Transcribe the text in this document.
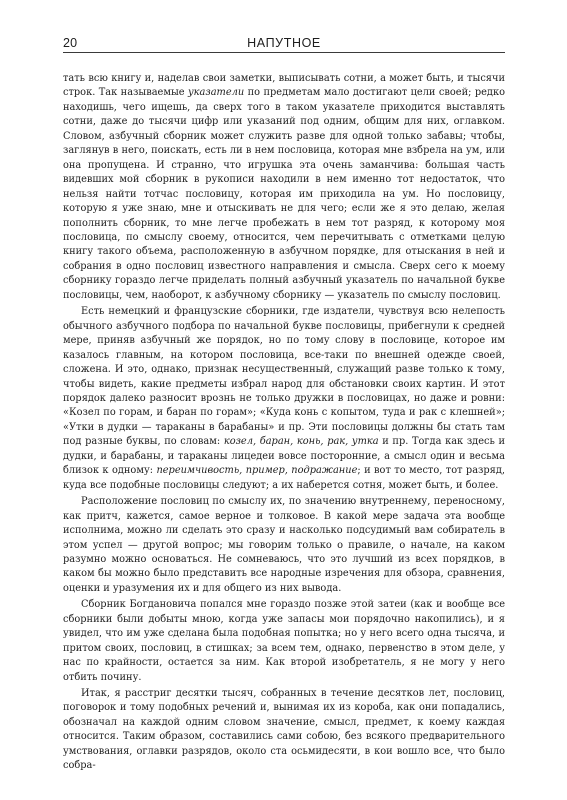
20	НАПУТНОЕ

тать всю книгу и, наделав свои заметки, выписывать сотни, а может быть, и тысячи строк. Так называемые указатели по предметам мало достигают цели своей; редко находишь, чего ищешь, да сверх того в таком указателе приходится выставлять сотни, даже до тысячи цифр или указаний под одним, общим для них, оглавком. Словом, азбучный сборник может служить разве для одной только забавы; чтобы, заглянув в него, поискать, есть ли в нем пословица, которая мне взбрела на ум, или она пропущена. И странно, что игрушка эта очень заманчива: большая часть видевших мой сборник в рукописи находили в нем именно тот недостаток, что нельзя найти тотчас пословицу, которая им приходила на ум. Но пословицу, которую я уже знаю, мне и отыскивать не для чего; если же я это делаю, желая пополнить сборник, то мне легче пробежать в нем тот разряд, к которому моя пословица, по смыслу своему, относится, чем перечитывать с отметками целую книгу такого объема, расположенную в азбучном порядке, для отыскания в ней и собрания в одно пословиц известного направления и смысла. Сверх сего к моему сборнику гораздо легче приделать полный азбучный указатель по начальной букве пословицы, чем, наоборот, к азбучному сборнику — указатель по смыслу пословиц.

Есть немецкий и французские сборники, где издатели, чувствуя всю нелепость обычного азбучного подбора по начальной букве пословицы, прибегнули к средней мере, приняв азбучный же порядок, но по тому слову в пословице, которое им казалось главным, на котором пословица, все-таки по внешней одежде своей, сложена. И это, однако, признак несущественный, служащий разве только к тому, чтобы видеть, какие предметы избрал народ для обстановки своих картин. И этот порядок далеко разносит врознь не только дружки в пословицах, но даже и ровни: «Козел по горам, и баран по горам»; «Куда конь с копытом, туда и рак с клешней»; «Утки в дудки — тараканы в барабаны» и пр. Эти пословицы должны бы стать там под разные буквы, по словам: козел, баран, конь, рак, утка и пр. Тогда как здесь и дудки, и барабаны, и тараканы лицедеи вовсе посторонние, а смысл один и весьма близок к одному: переимчивость, пример, подражание; и вот то место, тот разряд, куда все подобные пословицы следуют; а их наберется сотня, может быть, и более.

Расположение пословиц по смыслу их, по значению внутреннему, переносному, как притч, кажется, самое верное и толковое. В какой мере задача эта вообще исполнима, можно ли сделать это сразу и насколько подсудимый вам собиратель в этом успел — другой вопрос; мы говорим только о правиле, о начале, на каком разумно можно основаться. Не сомневаюсь, что это лучший из всех порядков, в каком бы можно было представить все народные изречения для обзора, сравнения, оценки и уразумения их и для общего из них вывода.

Сборник Богдановича попался мне гораздо позже этой затеи (как и вообще все сборники были добыты мною, когда уже запасы мои порядочно накопились), и я увидел, что им уже сделана была подобная попытка; но у него всего одна тысяча, и притом своих, пословиц, в стишках; за всем тем, однако, первенство в этом деле, у нас по крайности, остается за ним. Как второй изобретатель, я не могу у него отбить почину.

Итак, я расстриг десятки тысяч, собранных в течение десятков лет, пословиц, поговорок и тому подобных речений и, вынимая их из короба, как они попадались, обозначал на каждой одним словом значение, смысл, предмет, к коему каждая относится. Таким образом, составились сами собою, без всякого предварительного умствования, оглавки разрядов, около ста осьмидесяти, в кои вошло все, что было собра-
